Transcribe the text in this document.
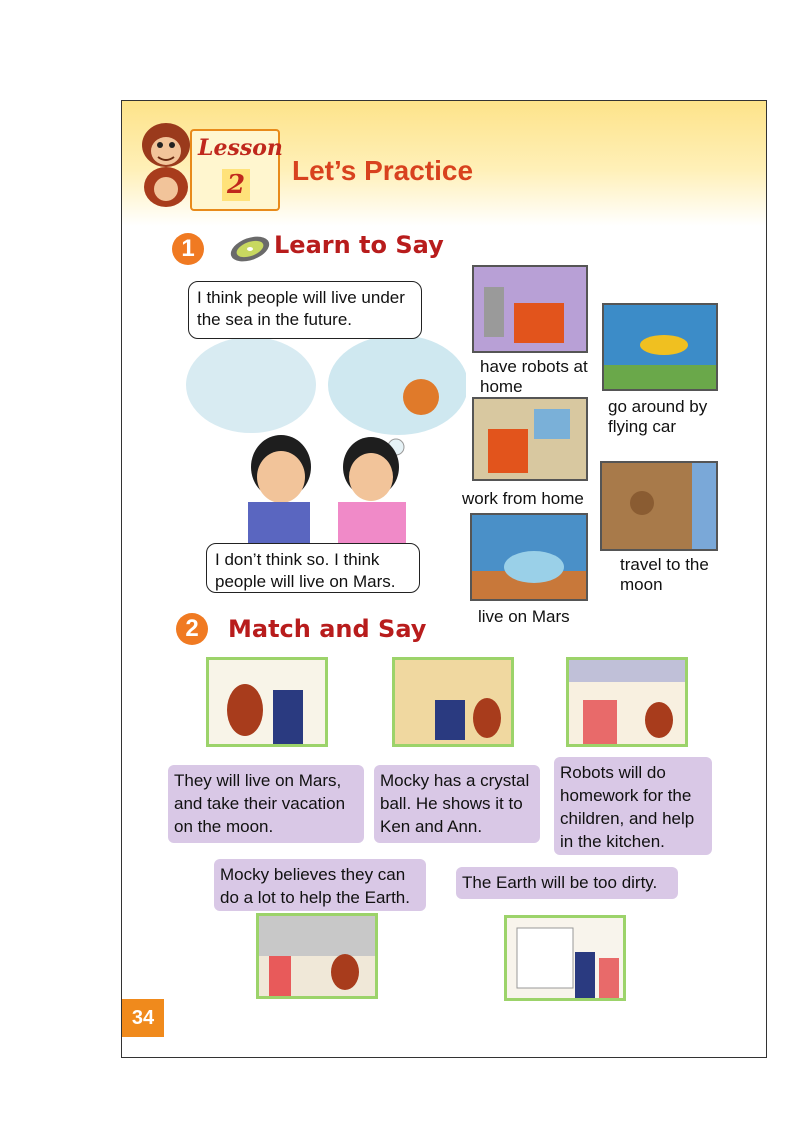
Lesson
2 Let’s Practice
1	Learn to Say
I think people will live under the sea in the future.
I don’t think so. I think people will live on Mars.
have robots at home
go around by flying car
work from home
travel to the moon
live on Mars
2	Match and Say
They will live on Mars, and take their vacation on the moon.
Mocky has a crystal ball. He shows it to Ken and Ann.
Robots will do homework for the children, and help in the kitchen.
Mocky believes they can do a lot to help the Earth.
The Earth will be too dirty.
34
